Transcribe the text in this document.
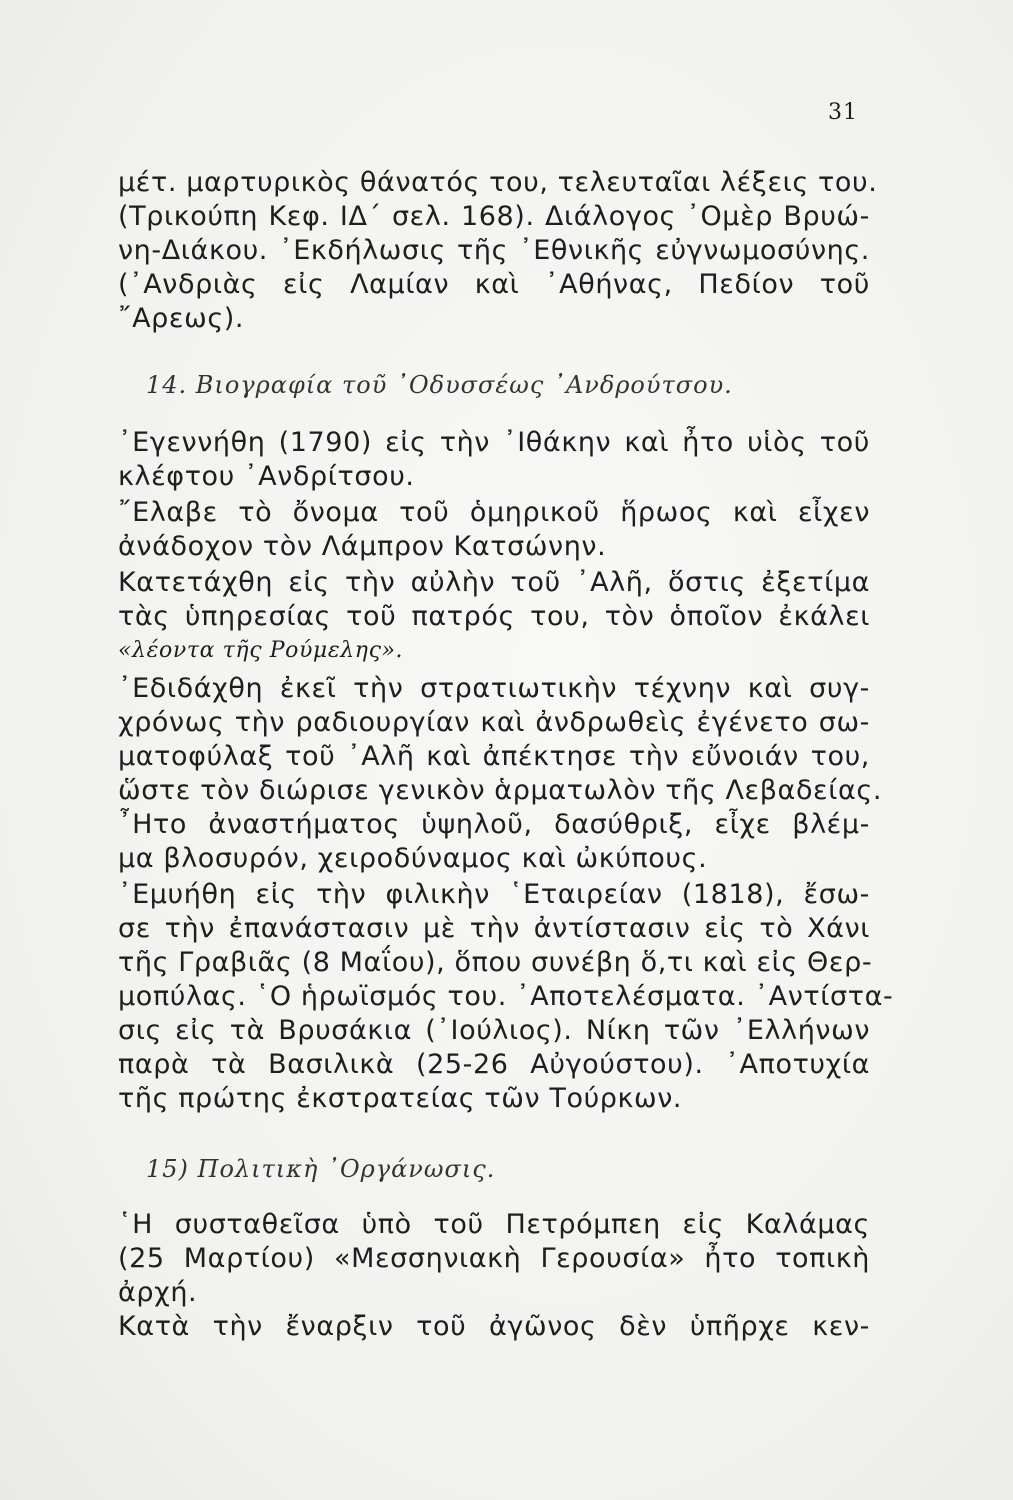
31
μέτ. μαρτυρικὸς θάνατός του, τελευταῖαι λέξεις του.
(Τρικούπη Κεφ. ΙΔ΄ σελ. 168). Διάλογος ᾿Ομὲρ Βρυώ-
νη-Διάκου. ᾿Εκδήλωσις τῆς ᾿Εθνικῆς εὐγνωμοσύνης.
(᾿Ανδριὰς εἰς Λαμίαν καὶ ᾿Αθήνας, Πεδίον τοῦ
῎Αρεως).
14. Βιογραφία τοῦ ᾿Οδυσσέως ᾿Ανδρούτσου.
᾿Εγεννήθη (1790) εἰς τὴν ᾿Ιθάκην καὶ ἦτο υἱὸς τοῦ
κλέφτου ᾿Ανδρίτσου.
῎Ελαβε τὸ ὄνομα τοῦ ὁμηρικοῦ ἥρωος καὶ εἶχεν
ἀνάδοχον τὸν Λάμπρον Κατσώνην.
Κατετάχθη εἰς τὴν αὐλὴν τοῦ ᾿Αλῆ, ὅστις ἐξετίμα
τὰς ὑπηρεσίας τοῦ πατρός του, τὸν ὁποῖον ἐκάλει
«λέοντα τῆς Ρούμελης».
᾿Εδιδάχθη ἐκεῖ τὴν στρατιωτικὴν τέχνην καὶ συγ-
χρόνως τὴν ραδιουργίαν καὶ ἀνδρωθεὶς ἐγένετο σω-
ματοφύλαξ τοῦ ᾿Αλῆ καὶ ἀπέκτησε τὴν εὔνοιάν του,
ὥστε τὸν διώρισε γενικὸν ἁρματωλὸν τῆς Λεβαδείας.
῏Ητο ἀναστήματος ὑψηλοῦ, δασύθριξ, εἶχε βλέμ-
μα βλοσυρόν, χειροδύναμος καὶ ὠκύπους.
᾿Εμυήθη εἰς τὴν φιλικὴν ῾Εταιρείαν (1818), ἔσω-
σε τὴν ἐπανάστασιν μὲ τὴν ἀντίστασιν εἰς τὸ Χάνι
τῆς Γραβιᾶς (8 Μαΐου), ὅπου συνέβη ὅ,τι καὶ εἰς Θερ-
μοπύλας. ῾Ο ἡρωϊσμός του. ᾿Αποτελέσματα. ᾿Αντίστα-
σις εἰς τὰ Βρυσάκια (᾿Ιούλιος). Νίκη τῶν ᾿Ελλήνων
παρὰ τὰ Βασιλικὰ (25-26 Αὐγούστου). ᾿Αποτυχία
τῆς πρώτης ἐκστρατείας τῶν Τούρκων.
15) Πολιτικὴ ᾿Οργάνωσις.
῾Η συσταθεῖσα ὑπὸ τοῦ Πετρόμπεη εἰς Καλάμας
(25 Μαρτίου) «Μεσσηνιακὴ Γερουσία» ἦτο τοπικὴ
ἀρχή.
Κατὰ τὴν ἔναρξιν τοῦ ἀγῶνος δὲν ὑπῆρχε κεν-
